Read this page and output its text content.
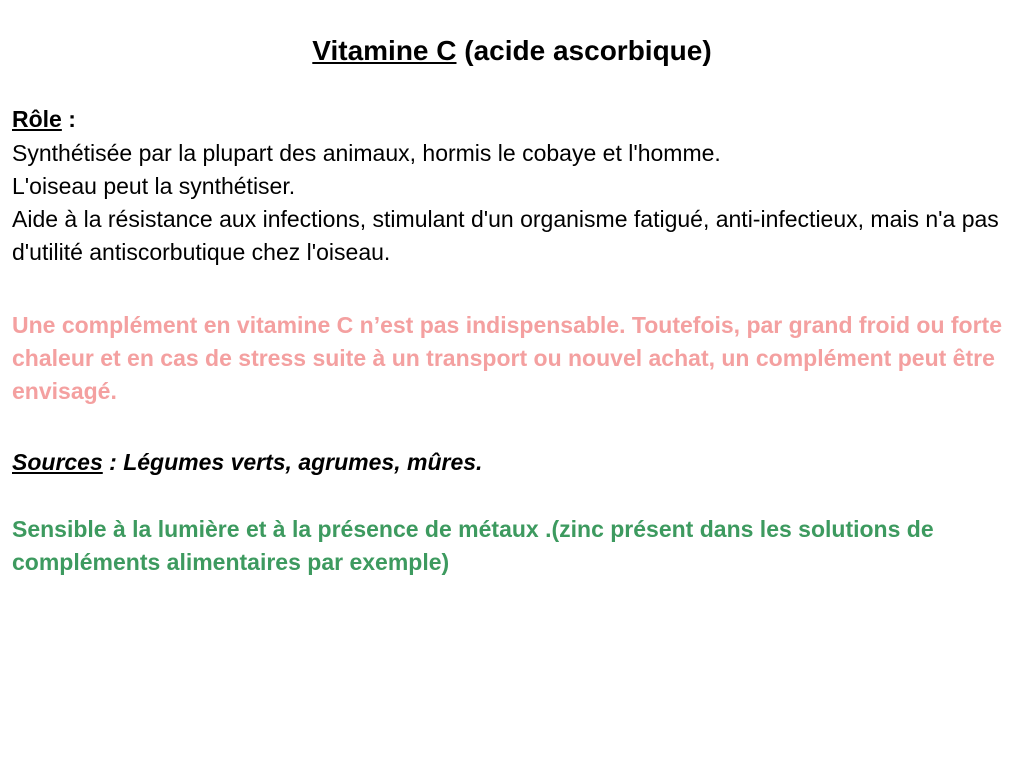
Vitamine C (acide ascorbique)
Rôle :

Synthétisée par la plupart des animaux, hormis le cobaye et l'homme.

L'oiseau peut la synthétiser.

Aide à la résistance aux infections, stimulant d'un organisme fatigué, anti-infectieux, mais n'a pas d'utilité antiscorbutique chez l'oiseau.

Une complément en vitamine C n’est pas indispensable. Toutefois, par grand froid ou forte chaleur et en cas de stress suite à un transport ou nouvel achat, un complément peut être envisagé.

Sources : Légumes verts, agrumes, mûres.

Sensible à la lumière et à la présence de métaux .(zinc présent dans les solutions de compléments alimentaires par exemple)
